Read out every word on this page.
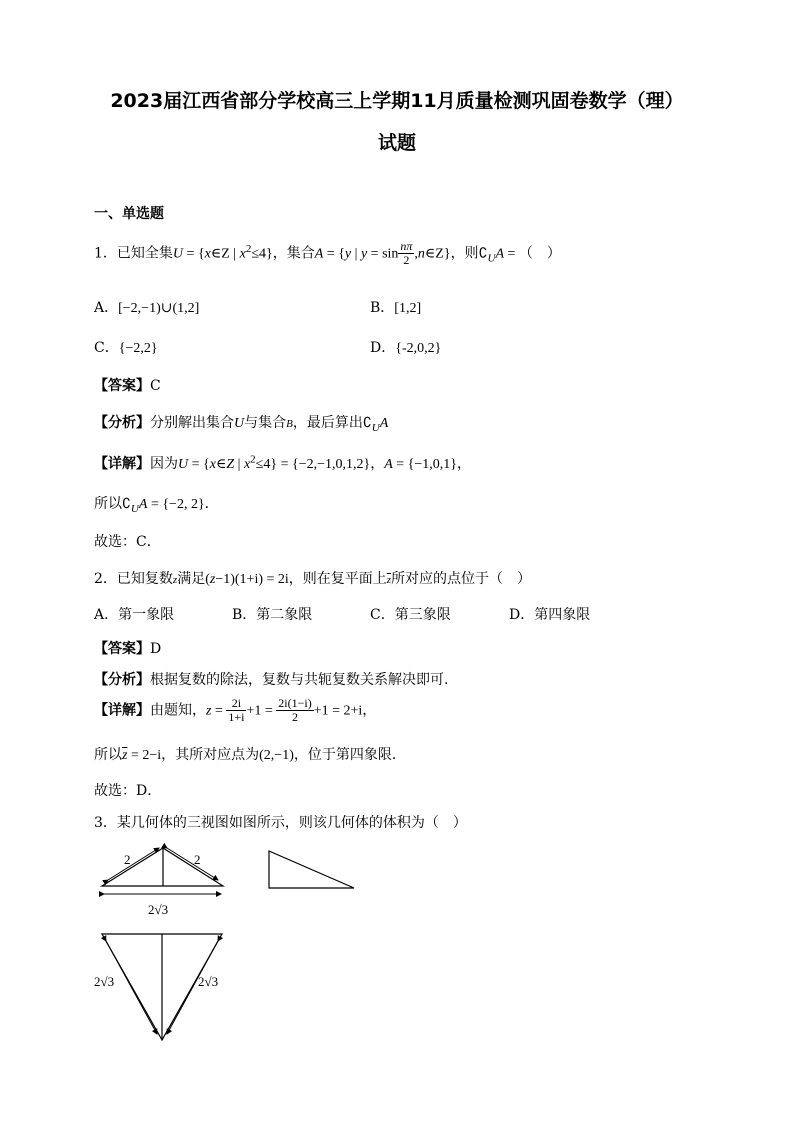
2023届江西省部分学校高三上学期11月质量检测巩固卷数学（理）
试题
一、单选题
1．已知全集U = {x∈Z | $x^2\le 4$}，集合A = {y | $y = \sin \frac{n\pi}{2}$ ,n∈Z}，则$∁_UA$ = （　）
A．[−2,−1)∪(1,2]	B．[1,2]
C．{−2,2}	D．{-2,0,2}
【答案】C
【分析】分别解出集合U与集合B，最后算出$∁_UA$
【详解】因为U = {x∈Z | $x^2\le 4\} = \{-2,-1,0,1,2\}$，A = {−1,0,1}，
所以$∁_UA = \{-2$, 2}．
故选：C．
2．已知复数z满足(z−1)(1+i) = 2i，则在复平面上$\overline{z}$所对应的点位于（　）
A．第一象限	B．第二象限	C．第三象限	D．第四象限
【答案】D
【分析】根据复数的除法，复数与共轭复数关系解决即可.
【详解】由题知，$z = \frac{2i}{1+i} +1 = \frac{2i(1-i)}{2} +1 = 2+i$，
所以$\overline{z} = 2-i$，其所对应点为(2,−1)，位于第四象限．
故选：D．
3．某几何体的三视图如图所示，则该几何体的体积为（　）
2	2
2√3
2√3	2√3
